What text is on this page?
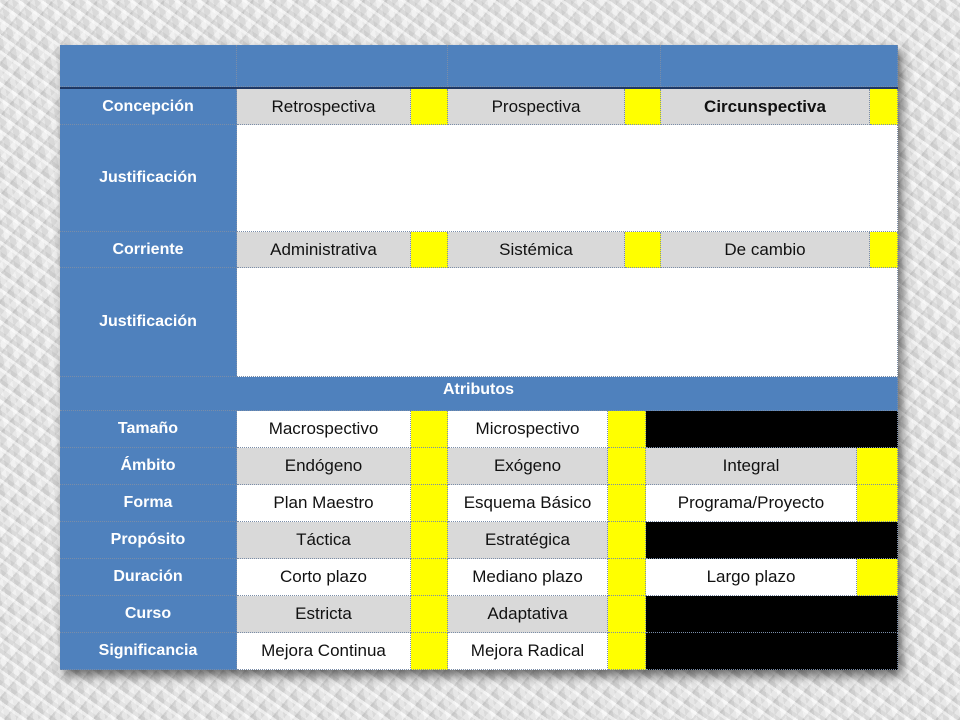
Concepción	Retrospectiva	Prospectiva	Circunspectiva
Justificación
Corriente	Administrativa	Sistémica	De cambio
Justificación
Atributos
Tamaño	Macrospectivo	Microspectivo
Ámbito	Endógeno	Exógeno	Integral
Forma	Plan Maestro	Esquema Básico	Programa/Proyecto
Propósito	Táctica	Estratégica
Duración	Corto plazo	Mediano plazo	Largo plazo
Curso	Estricta	Adaptativa
Significancia	Mejora Continua	Mejora Radical
